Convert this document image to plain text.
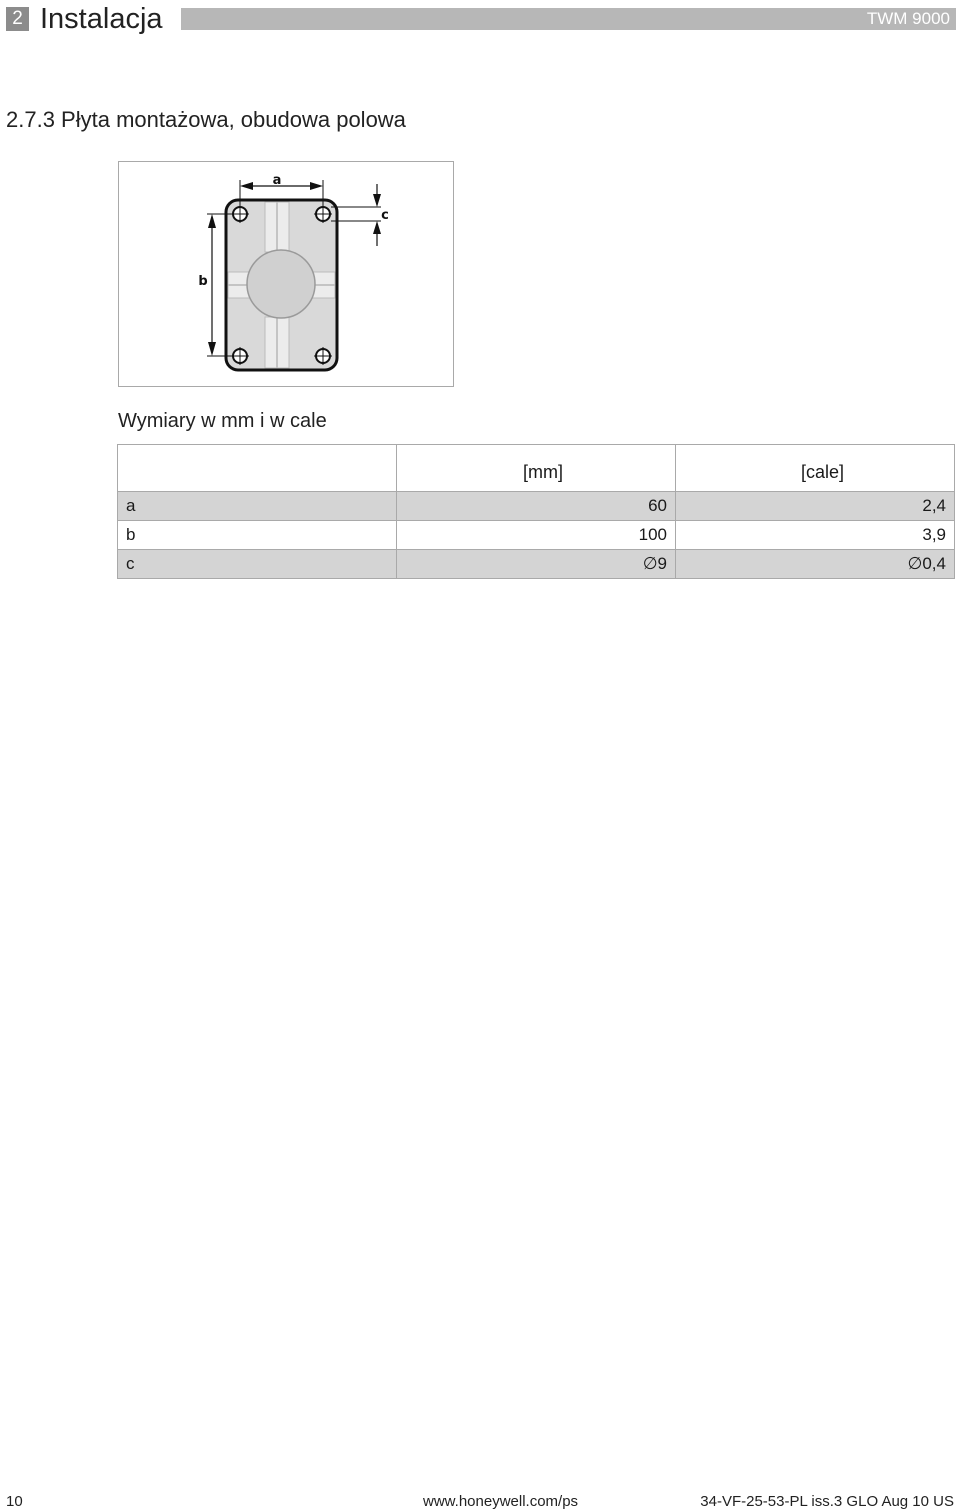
2 Instalacja	TWM 9000
2.7.3 Płyta montażowa, obudowa polowa
a
b
c
Wymiary w mm i w cale
	[mm]	[cale]
a	60	2,4
b	100	3,9
c	∅9	∅0,4
10	www.honeywell.com/ps	34-VF-25-53-PL iss.3 GLO Aug 10 US
